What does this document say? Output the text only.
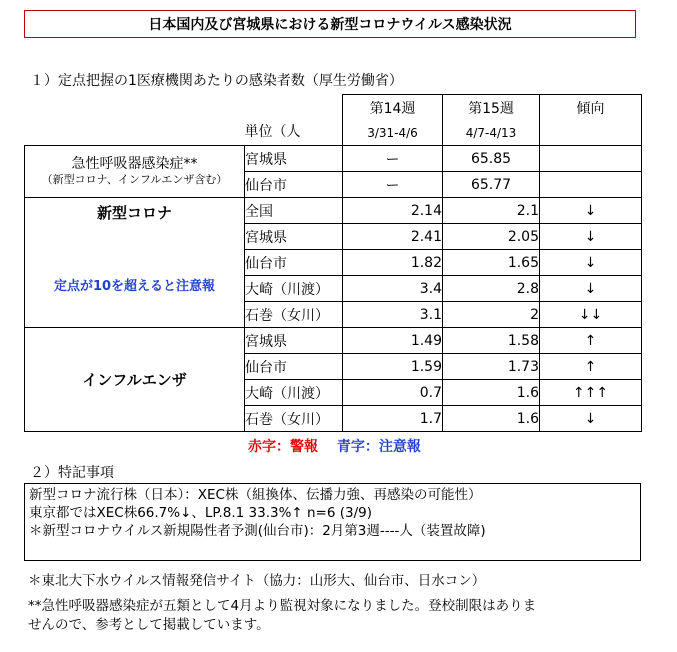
日本国内及び宮城県における新型コロナウイルス感染状況
１）定点把握の1医療機関あたりの感染者数（厚生労働省）
	単位（人	第14週	第15週	傾向
		3/31-4/6	4/7-4/13	

急性呼吸器感染症**
（新型コロナ、インフルエンザ含む）	宮城県	ー	65.85	
	仙台市	ー	65.77	

新型コロナ
定点が10を超えると注意報	全国	2.14	2.1	↓
	宮城県	2.41	2.05	↓
	仙台市	1.82	1.65	↓
	大崎（川渡）	3.4	2.8	↓
	石巻（女川）	3.1	2	↓↓

インフルエンザ	宮城県	1.49	1.58	↑
	仙台市	1.59	1.73	↑
	大崎（川渡）	0.7	1.6	↑↑↑
	石巻（女川）	1.7	1.6	↓
赤字：警報 青字：注意報
２）特記事項
新型コロナ流行株（日本）：XEC株（組換体、伝播力強、再感染の可能性）
東京都ではXEC株66.7%↓、LP.8.1 33.3%↑ n=6 (3/9)
＊新型コロナウイルス新規陽性者予測(仙台市)：2月第3週----人（装置故障)
＊東北大下水ウイルス情報発信サイト（協力：山形大、仙台市、日水コン）
**急性呼吸器感染症が五類として4月より監視対象になりました。登校制限はありま
せんので、参考として掲載しています。
